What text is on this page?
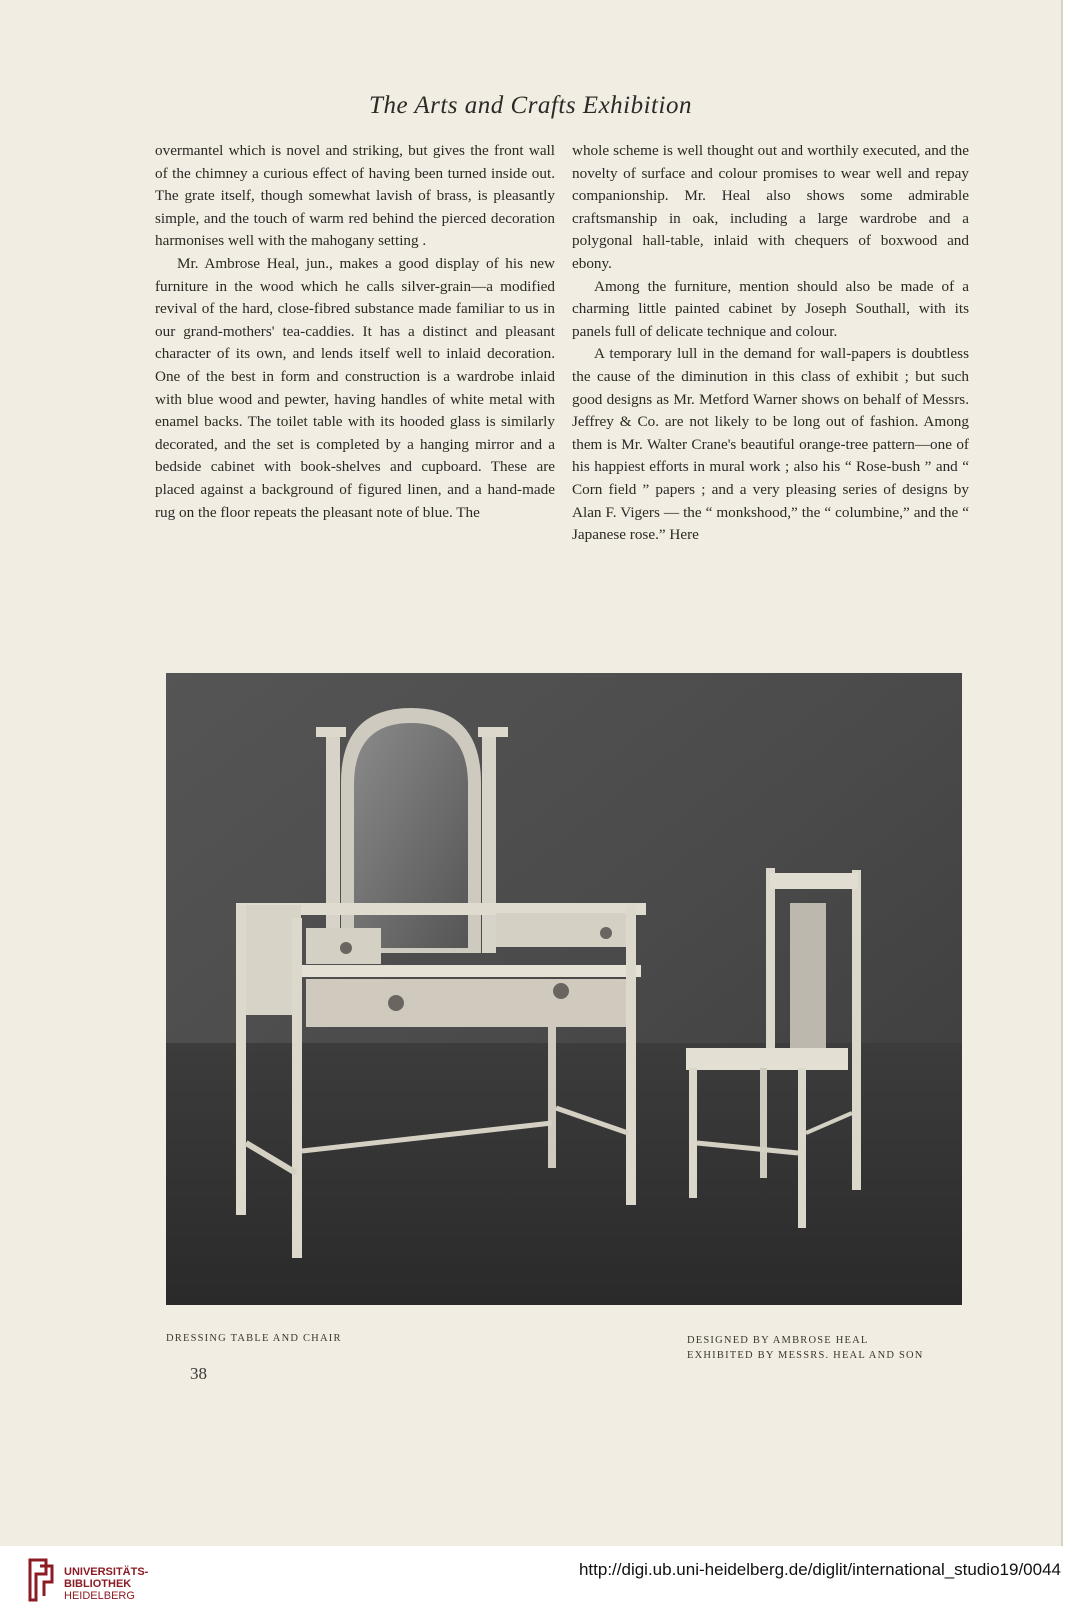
The Arts and Crafts Exhibition

overmantel which is novel and striking, but gives the front wall of the chimney a curious effect of having been turned inside out. The grate itself, though somewhat lavish of brass, is pleasantly simple, and the touch of warm red behind the pierced decoration harmonises well with the mahogany setting .

Mr. Ambrose Heal, jun., makes a good display of his new furniture in the wood which he calls silver-grain—a modified revival of the hard, close-fibred substance made familiar to us in our grand-mothers' tea-caddies. It has a distinct and pleasant character of its own, and lends itself well to inlaid decoration. One of the best in form and construction is a wardrobe inlaid with blue wood and pewter, having handles of white metal with enamel backs. The toilet table with its hooded glass is similarly decorated, and the set is completed by a hanging mirror and a bedside cabinet with book-shelves and cupboard. These are placed against a background of figured linen, and a hand-made rug on the floor repeats the pleasant note of blue. The

whole scheme is well thought out and worthily executed, and the novelty of surface and colour promises to wear well and repay companionship. Mr. Heal also shows some admirable craftsmanship in oak, including a large wardrobe and a polygonal hall-table, inlaid with chequers of boxwood and ebony.

Among the furniture, mention should also be made of a charming little painted cabinet by Joseph Southall, with its panels full of delicate technique and colour.

A temporary lull in the demand for wall-papers is doubtless the cause of the diminution in this class of exhibit ; but such good designs as Mr. Metford Warner shows on behalf of Messrs. Jeffrey & Co. are not likely to be long out of fashion. Among them is Mr. Walter Crane's beautiful orange-tree pattern—one of his happiest efforts in mural work ; also his “ Rose-bush ” and “ Corn field ” papers ; and a very pleasing series of designs by Alan F. Vigers — the “ monkshood,” the “ columbine,” and the “ Japanese rose.” Here

DRESSING TABLE AND CHAIR	DESIGNED BY AMBROSE HEAL
EXHIBITED BY MESSRS. HEAL AND SON
38
UNIVERSITÄTS-
BIBLIOTHEK
HEIDELBERG
http://digi.ub.uni-heidelberg.de/diglit/international_studio19/0044
